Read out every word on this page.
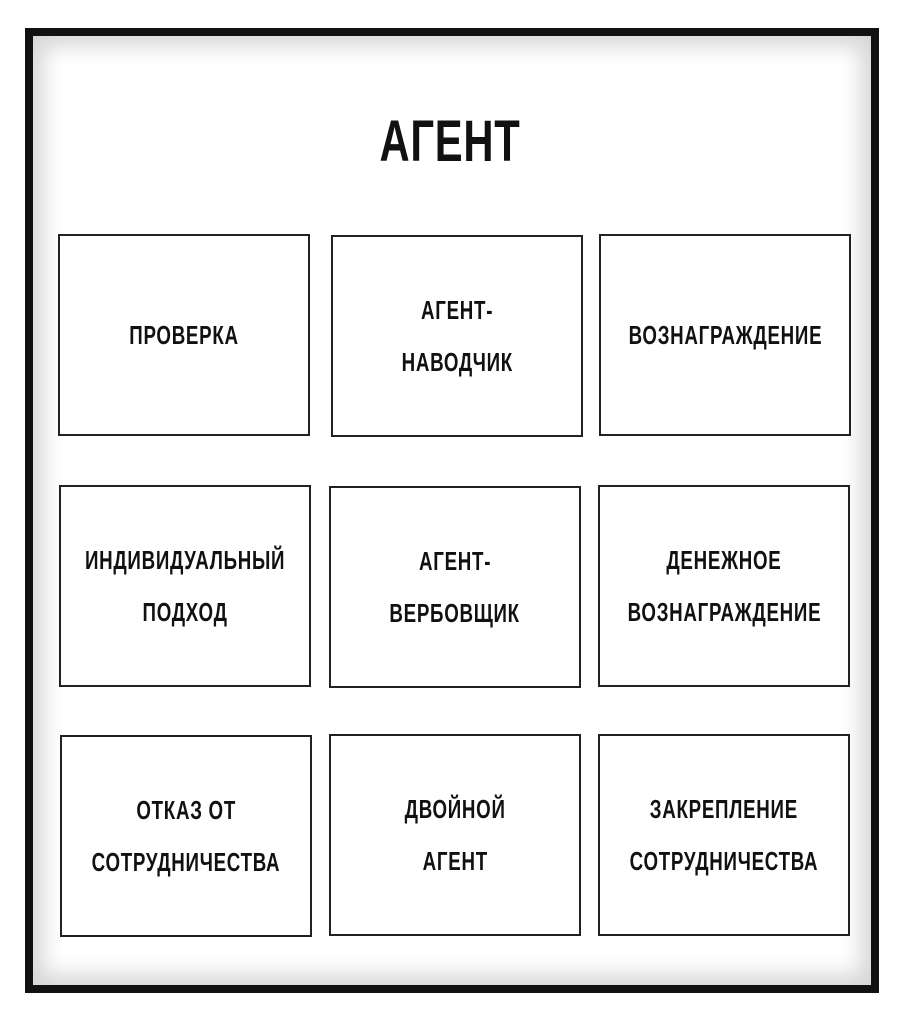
АГЕНТ
ПРОВЕРКА
АГЕНТ-
НАВОДЧИК
ВОЗНАГРАЖДЕНИЕ
ИНДИВИДУАЛЬНЫЙ
ПОДХОД
АГЕНТ-
ВЕРБОВЩИК
ДЕНЕЖНОЕ
ВОЗНАГРАЖДЕНИЕ
ОТКАЗ ОТ
СОТРУДНИЧЕСТВА
ДВОЙНОЙ
АГЕНТ
ЗАКРЕПЛЕНИЕ
СОТРУДНИЧЕСТВА
